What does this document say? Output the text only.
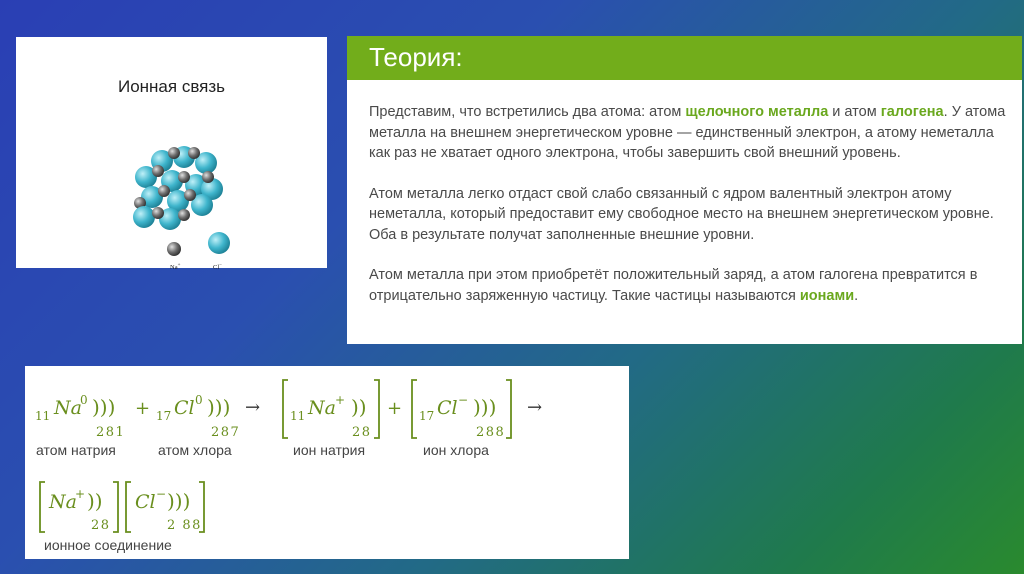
Ионная связь
Na+	Cl−
Теория:

Представим, что встретились два атома: атом щелочного металла и атом галогена. У атома металла на внешнем энергетическом уровне — единственный электрон, а атому неметалла как раз не хватает одного электрона, чтобы завершить свой внешний уровень.

Атом металла легко отдаст свой слабо связанный с ядром валентный электрон атому неметалла, который предоставит ему свободное место на внешнем энергетическом уровне. Оба в результате получат заполненные внешние уровни.

Атом металла при этом приобретёт положительный заряд, а атом галогена превратится в отрицательно заряженную частицу. Такие частицы называются ионами.

11 Na
0 )))
281
+ 17 Cl 0 )))
287
→ 11 Na + ))
28
+ 17 Cl − )))
288
→
Na
+ ))
28
Cl − )))
2 88
атом натрия	атом хлора	ион натрия	ион хлора
ионное соединение
